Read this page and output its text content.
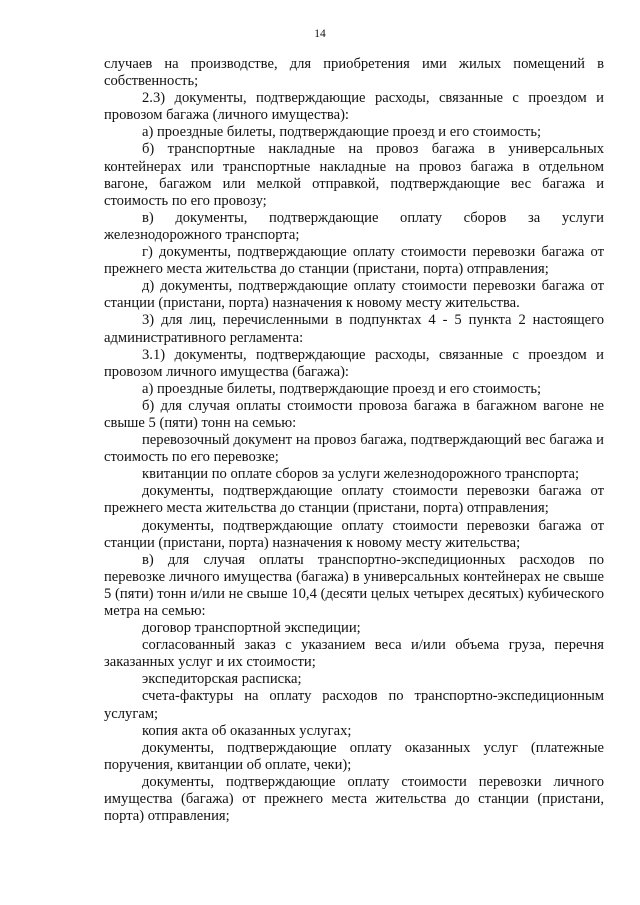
14

случаев на производстве, для приобретения ими жилых помещений в собственность;

2.3) документы, подтверждающие расходы, связанные с проездом и провозом багажа (личного имущества):

а) проездные билеты, подтверждающие проезд и его стоимость;

б) транспортные накладные на провоз багажа в универсальных контейнерах или транспортные накладные на провоз багажа в отдельном вагоне, багажом или мелкой отправкой, подтверждающие вес багажа и стоимость по его провозу;

в) документы, подтверждающие оплату сборов за услуги железнодорожного транспорта;

г) документы, подтверждающие оплату стоимости перевозки багажа от прежнего места жительства до станции (пристани, порта) отправления;

д) документы, подтверждающие оплату стоимости перевозки багажа от станции (пристани, порта) назначения к новому месту жительства.

3) для лиц, перечисленными в подпунктах 4 - 5 пункта 2 настоящего административного регламента:

3.1) документы, подтверждающие расходы, связанные с проездом и провозом личного имущества (багажа):

а) проездные билеты, подтверждающие проезд и его стоимость;

б) для случая оплаты стоимости провоза багажа в багажном вагоне не свыше 5 (пяти) тонн на семью:

перевозочный документ на провоз багажа, подтверждающий вес багажа и стоимость по его перевозке;

квитанции по оплате сборов за услуги железнодорожного транспорта;

документы, подтверждающие оплату стоимости перевозки багажа от прежнего места жительства до станции (пристани, порта) отправления;

документы, подтверждающие оплату стоимости перевозки багажа от станции (пристани, порта) назначения к новому месту жительства;

в) для случая оплаты транспортно-экспедиционных расходов по перевозке личного имущества (багажа) в универсальных контейнерах не свыше 5 (пяти) тонн и/или не свыше 10,4 (десяти целых четырех десятых) кубического метра на семью:

договор транспортной экспедиции;

согласованный заказ с указанием веса и/или объема груза, перечня заказанных услуг и их стоимости;

экспедиторская расписка;

счета-фактуры на оплату расходов по транспортно-экспедиционным услугам;

копия акта об оказанных услугах;

документы, подтверждающие оплату оказанных услуг (платежные поручения, квитанции об оплате, чеки);

документы, подтверждающие оплату стоимости перевозки личного имущества (багажа) от прежнего места жительства до станции (пристани, порта) отправления;
